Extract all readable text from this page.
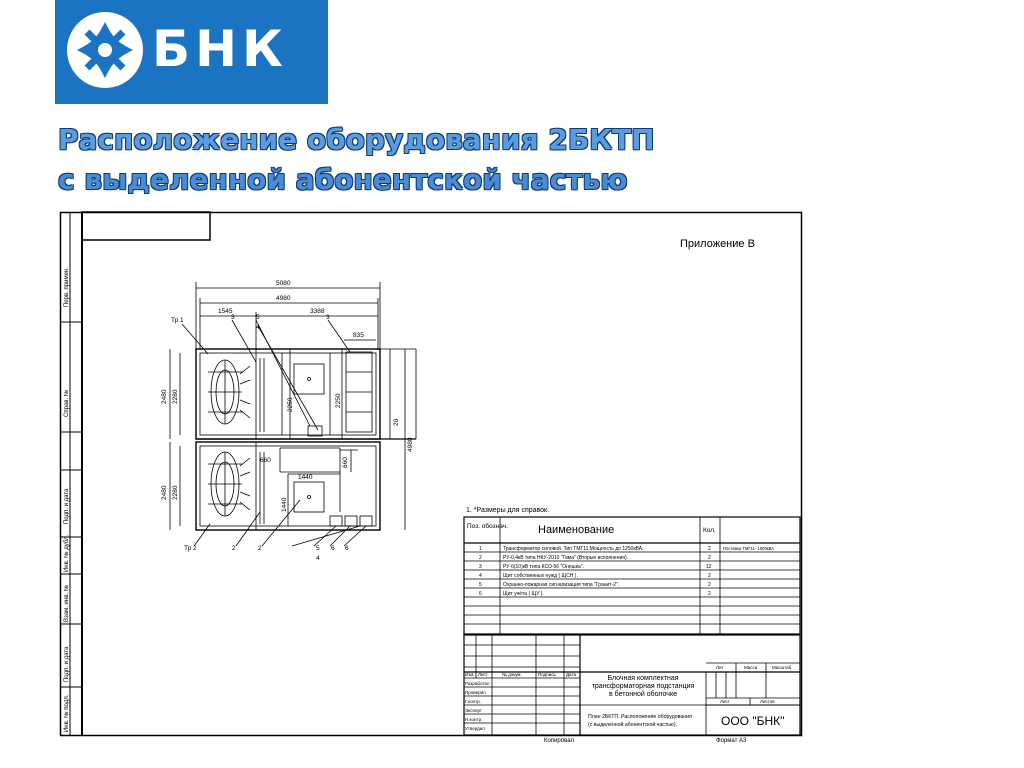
БНК
Расположение оборудования 2БКТП
с выделенной абонентской частью
Перв. примен.
Справ. №
Подп. и дата
Инв. № дубл.
Взам. инв. №
Подп. и дата
Инв. № подл.
Приложение В
5080
4980
1545	3388
835
2480 2280
2250	2250
20
4980
660	660
1440
1440
2480 2280
Тр 1	3	5
4
3
Тр 2	2	2	5 6 6
4
1. *Размеры для справок.
Поз. обознач.	Наименование	Кол.
1	Трансформатор силовой. Тип ТМГ11.Мощность до 1250кВА.	2	Поставка ТМГ11- 1000кВА
2	РУ-0,4кВ типа НКУ-2010 "Гама" (Вторые исполнения).	2
3	РУ-6(10)кВ типа КСО-56 "Онешка".	12
4	Щит собственных нужд ( ЩСН ).	2
5	Охранно-пожарная сигнализация типа "Гранит-2".	2
6	Щит учёта ( ЩУ ).	2
Изм. Лист	№ докум.	Подпись Дата
Разработал
Проверил
Г.контр.
Эксперт
Н.контр.
Утвердил
Лит	Масса	Масштаб
Лист	Листов
Блочная комплектная
трансформаторная подстанция
в бетонной оболочке
План 2БКТП. Расположение оборудования
(с выделенной абонентской частью).	ООО "БНК"
Копировал	Формат А3
